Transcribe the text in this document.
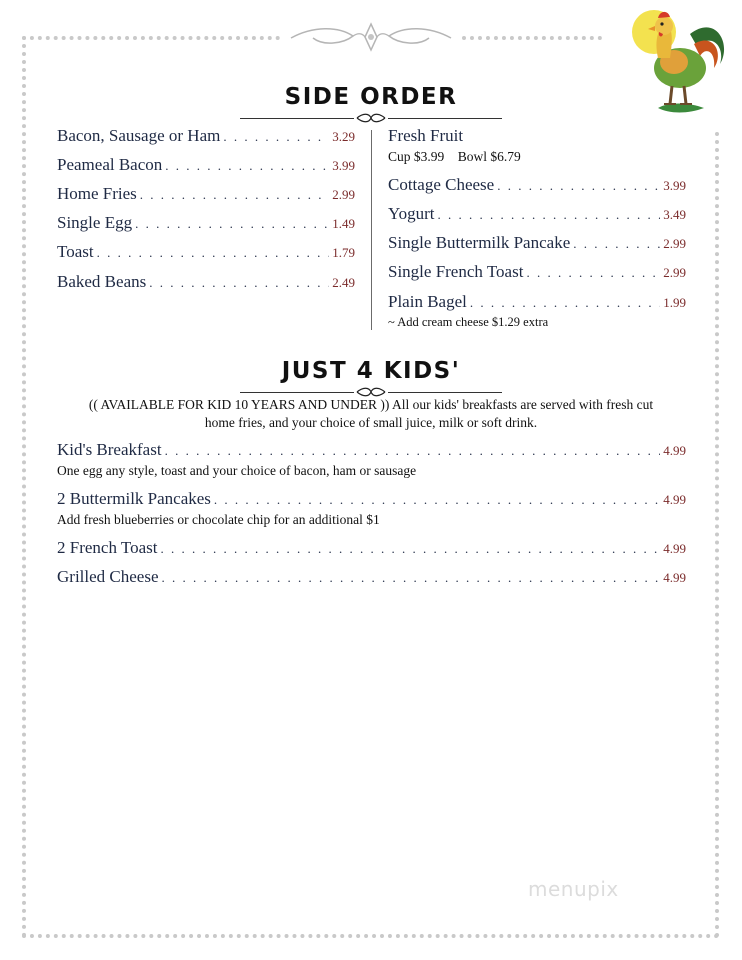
SIDE ORDER
Bacon, Sausage or Ham . . .	3.29
Peameal Bacon . . .	3.99
Home Fries . . .	2.99
Single Egg . . .	1.49
Toast . . .	1.79
Baked Beans . . .	2.49
Fresh Fruit
Cup $3.99    Bowl $6.79
Cottage Cheese . . .	3.99
Yogurt . . .	3.49
Single Buttermilk Pancake . . .	2.99
Single French Toast . . .	2.99
Plain Bagel . . .	1.99
~ Add cream cheese $1.29 extra
JUST 4 KIDS'
(( AVAILABLE FOR KID 10 YEARS AND UNDER )) All our kids' breakfasts are served with fresh cut
home fries, and your choice of small juice, milk or soft drink.
Kid's Breakfast . . .	4.99
One egg any style, toast and your choice of bacon, ham or sausage
2 Buttermilk Pancakes . . .	4.99
Add fresh blueberries or chocolate chip for an additional $1
2 French Toast . . .	4.99
Grilled Cheese . . .	4.99
menupix
